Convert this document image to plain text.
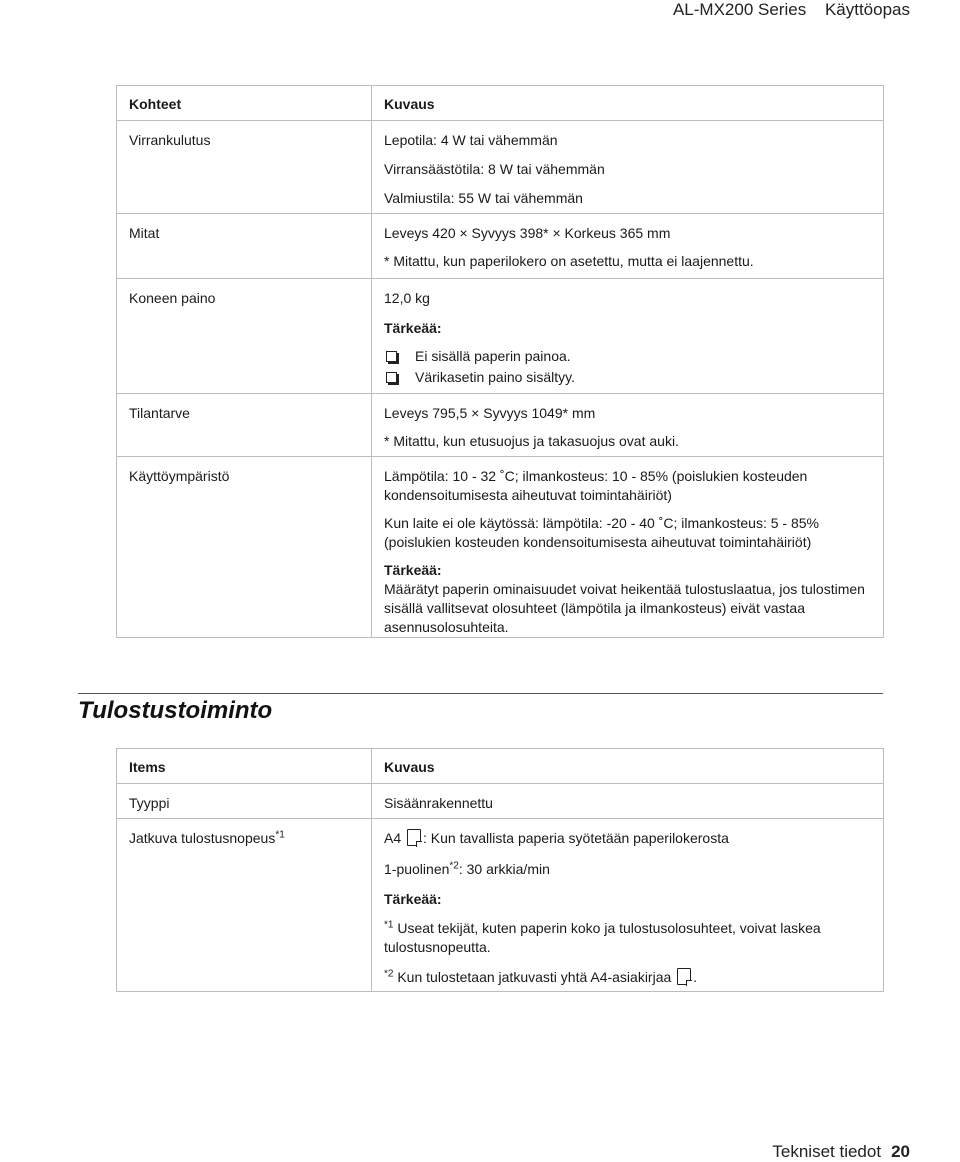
AL-MX200 Series Käyttöopas
Kohteet	Kuvaus

Virrankulutus	Lepotila: 4 W tai vähemmän
Virransäästötila: 8 W tai vähemmän
Valmiustila: 55 W tai vähemmän

Mitat	Leveys 420 × Syvyys 398* × Korkeus 365 mm
* Mitattu, kun paperilokero on asetettu, mutta ei laajennettu.

Koneen paino	12,0 kg
Tärkeää:
Ei sisällä paperin painoa.
Värikasetin paino sisältyy.

Tilantarve	Leveys 795,5 × Syvyys 1049* mm
* Mitattu, kun etusuojus ja takasuojus ovat auki.

Käyttöympäristö	Lämpötila: 10 - 32 ˚C; ilmankosteus: 10 - 85% (poislukien kosteuden kondensoitumisesta aiheutuvat toimintahäiriöt)
Kun laite ei ole käytössä: lämpötila: -20 - 40 ˚C; ilmankosteus: 5 - 85% (poislukien kosteuden kondensoitumisesta aiheutuvat toimintahäiriöt)
Tärkeää:
Määrätyt paperin ominaisuudet voivat heikentää tulostuslaatua, jos tulostimen sisällä vallitsevat olosuhteet (lämpötila ja ilmankosteus) eivät vastaa asennusolosuhteita.
Tulostustoiminto
Items	Kuvaus

Tyyppi	Sisäänrakennettu

Jatkuva tulostusnopeus$^{*1}$	A4 : Kun tavallista paperia syötetään paperilokerosta
1-puolinen$^{*2}$: 30 arkkia/min
Tärkeää:
$^{*1}$ Useat tekijät, kuten paperin koko ja tulostusolosuhteet, voivat laskea tulostusnopeutta.
$^{*2}$ Kun tulostetaan jatkuvasti yhtä A4-asiakirjaa .
Tekniset tiedot 20
